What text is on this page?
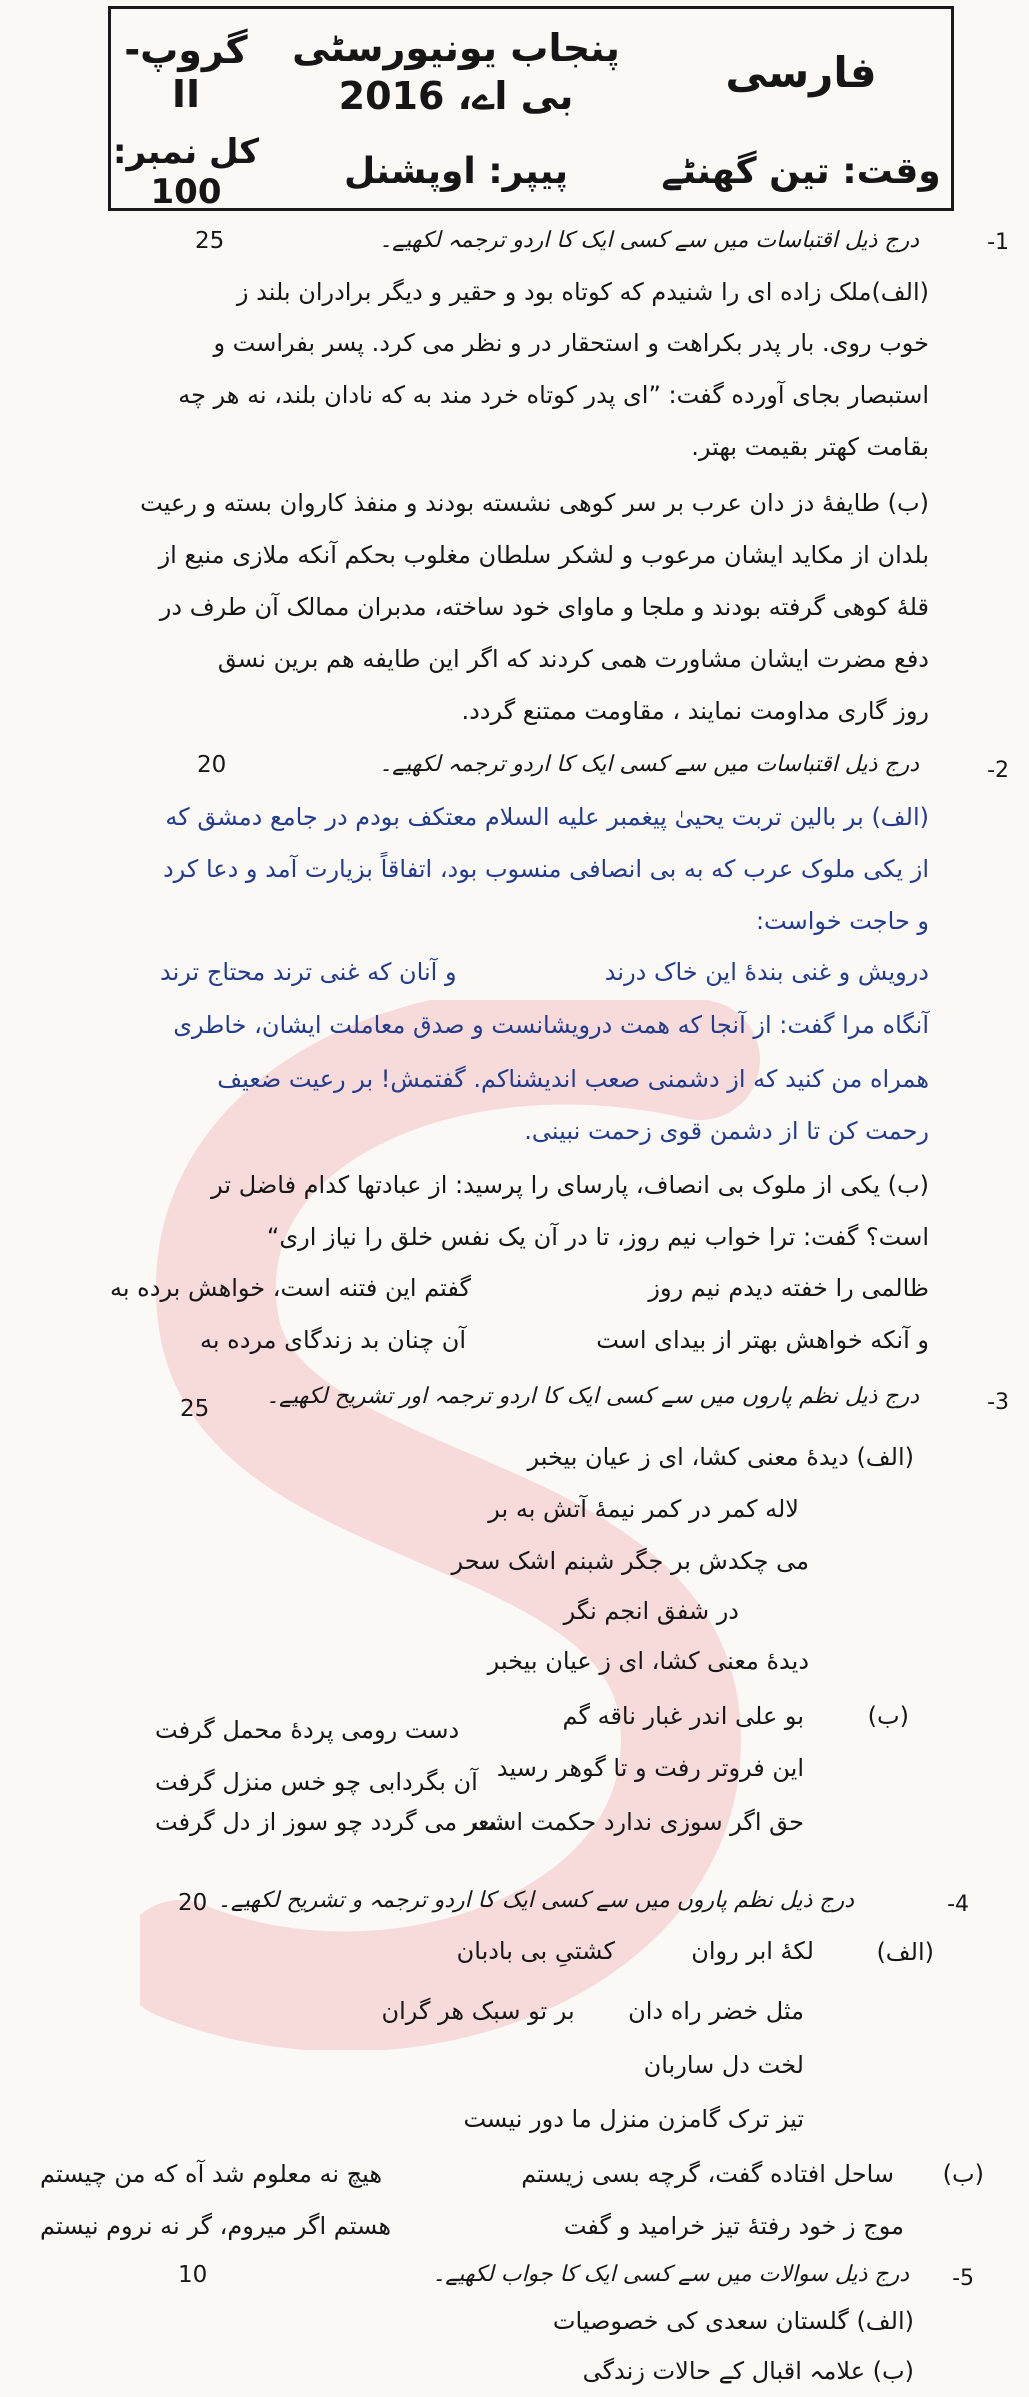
فارسی
پنجاب یونیورسٹی
بی اے، 2016
گروپ-II
وقت: تین گھنٹے
پیپر: اوپشنل
کل نمبر: 100
-1
درج ذیل اقتباسات میں سے کسی ایک کا اردو ترجمہ لکھیے۔
25
(الف)ملک زاده ای را شنیدم که کوتاه بود و حقیر و دیگر برادران بلند ز
خوب روی. بار پدر بکراهت و استحقار در و نظر می کرد. پسر بفراست و
استبصار بجای آورده گفت: ”ای پدر کوتاه خرد مند به که نادان بلند، نه هر چه
بقامت کهتر بقیمت بهتر.
(ب) طایفهٔ دز دان عرب بر سر کوهی نشسته بودند و منفذ کاروان بسته و رعیت
بلدان از مکاید ایشان مرعوب و لشکر سلطان مغلوب بحکم آنکه ملازی منیع از
قلهٔ کوهی گرفته بودند و ملجا و ماوای خود ساخته، مدبران ممالک آن طرف در
دفع مضرت ایشان مشاورت همی کردند که اگر این طایفه هم برین نسق
روز گاری مداومت نمایند ، مقاومت ممتنع گردد.
-2
درج ذیل اقتباسات میں سے کسی ایک کا اردو ترجمہ لکھیے۔
20
(الف) بر بالین تربت یحییٰ پیغمبر علیه السلام معتکف بودم در جامع دمشق که
از یکی ملوک عرب که به بی انصافی منسوب بود، اتفاقاً بزیارت آمد و دعا کرد
و حاجت خواست:
درویش و غنی بندهٔ این خاک درند
و آنان که غنی ترند محتاج ترند
آنگاه مرا گفت: از آنجا که همت درویشانست و صدق معاملت ایشان، خاطری
همراه من کنید که از دشمنی صعب اندیشناکم. گفتمش! بر رعیت ضعیف
رحمت کن تا از دشمن قوی زحمت نبینی.
(ب) یکی از ملوک بی انصاف، پارسای را پرسید: از عبادتها کدام فاضل تر
است؟ گفت: ترا خواب نیم روز، تا در آن یک نفس خلق را نیاز اری“
ظالمی را خفته دیدم نیم روز
گفتم این فتنه است، خواهش برده به
و آنکه خواهش بهتر از بیدای است
آن چنان بد زندگای مرده به
-3
درج ذیل نظم پاروں میں سے کسی ایک کا اردو ترجمہ اور تشریح لکھیے۔
25
(الف) دیدهٔ معنی کشا، ای ز عیان بیخبر
لاله کمر در کمر نیمهٔ آتش به بر
می چکدش بر جگر شبنم اشک سحر
در شفق انجم نگر
دیدهٔ معنی کشا، ای ز عیان بیخبر
(ب)
بو علی اندر غبار ناقه گم
دست رومی پردهٔ محمل گرفت
این فروتر رفت و تا گوهر رسید
آن بگردابی چو خس منزل گرفت
حق اگر سوزی ندارد حکمت است
شعر می گردد چو سوز از دل گرفت
-4
درج ذیل نظم پاروں میں سے کسی ایک کا اردو ترجمہ و تشریح لکھیے۔
20
(الف)
لکهٔ ابر روان          کشتیِ بی بادبان
مثل خضر راه دان       بر تو سبک هر گران
لخت دل ساربان
تیز ترک گامزن منزل ما دور نیست
(ب)
ساحل افتاده گفت، گرچه بسی زیستم
هیچ نه معلوم شد آه که من چیستم
موج ز خود رفتهٔ تیز خرامید و گفت
هستم اگر میروم، گر نه نروم نیستم
-5
درج ذیل سوالات میں سے کسی ایک کا جواب لکھیے۔
10
(الف) گلستان سعدی کی خصوصیات
(ب) علامہ اقبال کے حالات زندگی
